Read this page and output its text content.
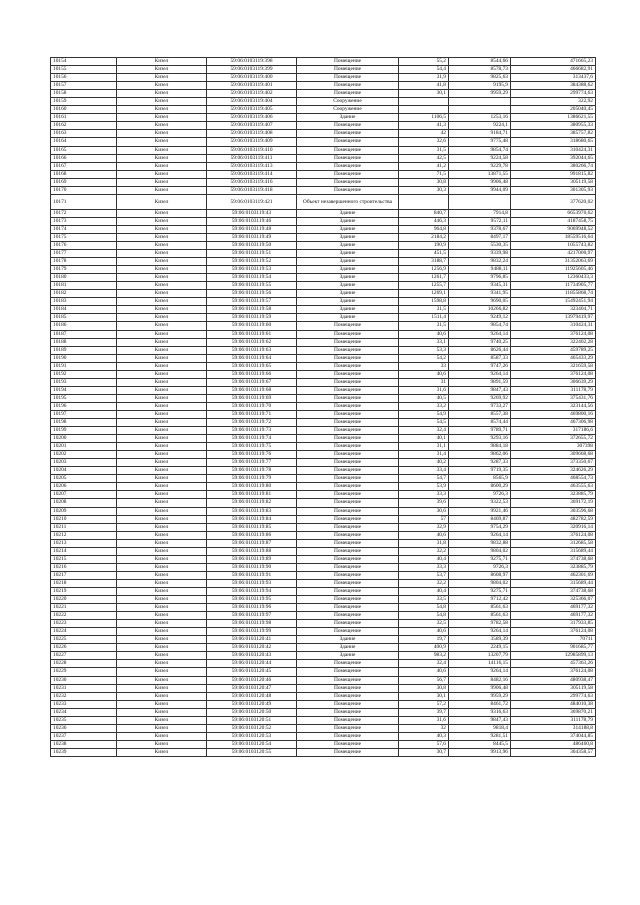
10154	Кизел	59:06:0103119:398	Помещение	55,2	8544,66	471665,23
10155	Кизел	59:06:0103119:399	Помещение	54,4	8578,73	466682,91
10156	Кизел	59:06:0103119:400	Помещение	31,9	9825,63	313437,6
10157	Кизел	59:06:0103119:401	Помещение	41,8	9195,9	384388,62
10158	Кизел	59:06:0103119:402	Помещение	30,1	9959,29	299774,63
10159	Кизел	59:06:0103119:404	Сооружение			322,92
10160	Кизел	59:06:0103119:405	Сооружение			205040,45
10161	Кизел	59:06:0103119:406	Здание	1106,5	1253,16	1386621,55
10162	Кизел	59:06:0103119:407	Помещение	41,3	9224,1	380955,33
10163	Кизел	59:06:0103119:408	Помещение	42	9184,71	385757,82
10164	Кизел	59:06:0103119:409	Помещение	32,6	9775,48	318680,65
10165	Кизел	59:06:0103119:410	Помещение	31,5	9854,74	310424,31
10166	Кизел	59:06:0103119:411	Помещение	42,5	9224,58	392044,65
10167	Кизел	59:06:0103119:413	Помещение	41,2	9229,78	380266,74
10168	Кизел	59:06:0103119:414	Помещение	71,5	13871,55	991815,82
10169	Кизел	59:06:0103119:416	Помещение	30,8	9906,48	305119,58
10170	Кизел	59:06:0103119:418	Помещение	30,3	9944,09	301305,93
10171	Кизел	59:06:0103119:421	Объект незавершенного строительства			377620,02
10172	Кизел	59:06:0103119:43	Здание	840,7	7914,8	6653970,62
10173	Кизел	59:06:0103119:46	Здание	446,3	9572,11	4187458,75
10174	Кизел	59:06:0103119:48	Здание	964,8	9378,67	9069948,52
10175	Кизел	59:06:0103119:49	Здание	2184,2	8497,17	18559516,64
10176	Кизел	59:06:0103119:50	Здание	190,9	5530,35	1055743,82
10177	Кизел	59:06:0103119:51	Здание	451,5	9339,98	4217000,97
10178	Кизел	59:06:0103119:52	Здание	3188,7	9832,24	31352063,69
10179	Кизел	59:06:0103119:53	Здание	1256,9	9488,11	11925605,46
10180	Кизел	59:06:0103119:54	Здание	1261,7	9796,85	12360433,3
10181	Кизел	59:06:0103119:55	Здание	1255,7	9345,31	11734905,77
10182	Кизел	59:06:0103119:56	Здание	1269,1	9341,95	11855868,74
10183	Кизел	59:06:0103119:57	Здание	1598,8	9690,05	15492451,94
10184	Кизел	59:06:0103119:58	Здание	31,5	10266,82	323404,71
10185	Кизел	59:06:0103119:59	Здание	1511,4	9249,12	13979419,97
10186	Кизел	59:06:0103119:60	Помещение	31,5	9854,74	310424,31
10187	Кизел	59:06:0103119:61	Помещение	40,6	9264,14	376124,08
10188	Кизел	59:06:0103119:62	Помещение	33,1	9740,25	322402,28
10189	Кизел	59:06:0103119:63	Помещение	53,3	8626,44	459789,25
10190	Кизел	59:06:0103119:64	Помещение	54,2	8587,33	465433,29
10191	Кизел	59:06:0103119:65	Помещение	33	9747,26	321659,58
10192	Кизел	59:06:0103119:66	Помещение	40,6	9264,14	376124,08
10193	Кизел	59:06:0103119:67	Помещение	31	9891,59	306639,29
10194	Кизел	59:06:0103119:68	Помещение	31,6	9847,43	311178,79
10195	Кизел	59:06:0103119:69	Помещение	40,5	9269,92	375431,76
10196	Кизел	59:06:0103119:70	Помещение	33,2	9733,27	323144,56
10197	Кизел	59:06:0103119:71	Помещение	54,9	8557,38	469800,16
10198	Кизел	59:06:0103119:72	Помещение	54,5	8574,44	467306,98
10199	Кизел	59:06:0103119:73	Помещение	32,4	9789,71	317186,6
10200	Кизел	59:06:0103119:74	Помещение	40,1	9293,16	372655,72
10201	Кизел	59:06:0103119:75	Помещение	31,1	9884,18	307398
10202	Кизел	59:06:0103119:76	Помещение	31,4	9862,06	309668,68
10203	Кизел	59:06:0103119:77	Помещение	40,2	9287,33	373350,67
10204	Кизел	59:06:0103119:78	Помещение	33,4	9719,35	324626,29
10205	Кизел	59:06:0103119:79	Помещение	54,7	8565,9	468554,73
10206	Кизел	59:06:0103119:80	Помещение	53,9	8600,29	463555,63
10207	Кизел	59:06:0103119:81	Помещение	33,3	9726,3	323885,79
10208	Кизел	59:06:0103119:82	Помещение	39,6	9322,53	369172,19
10209	Кизел	59:06:0103119:83	Помещение	30,6	9921,46	303596,68
10210	Кизел	59:06:0103119:84	Помещение	57	8469,87	482782,59
10211	Кизел	59:06:0103119:85	Помещение	32,9	9754,29	320916,14
10212	Кизел	59:06:0103119:86	Помещение	40,6	9264,14	376124,08
10213	Кизел	59:06:0103119:87	Помещение	31,8	9832,88	312685,58
10214	Кизел	59:06:0103119:88	Помещение	32,2	9804,02	315689,44
10215	Кизел	59:06:0103119:89	Помещение	40,4	9275,71	374738,68
10216	Кизел	59:06:0103119:90	Помещение	33,3	9726,3	323885,79
10217	Кизел	59:06:0103119:91	Помещение	53,7	8608,97	462301,69
10218	Кизел	59:06:0103119:93	Помещение	32,2	9804,02	315689,44
10219	Кизел	59:06:0103119:94	Помещение	40,4	9275,71	374738,68
10220	Кизел	59:06:0103119:95	Помещение	33,5	9712,42	325366,07
10221	Кизел	59:06:0103119:96	Помещение	54,8	8561,63	469177,32
10222	Кизел	59:06:0103119:97	Помещение	54,8	8561,63	469177,32
10223	Кизел	59:06:0103119:98	Помещение	32,5	9782,58	317933,85
10224	Кизел	59:06:0103119:99	Помещение	40,6	9264,14	376124,08
10225	Кизел	59:06:0103120:41	Здание	19,7	3589,39	70711
10226	Кизел	59:06:0103120:42	Здание	400,9	2249,15	901685,77
10227	Кизел	59:06:0103120:43	Здание	983,2	13207,79	12985899,13
10228	Кизел	59:06:0103120:44	Помещение	32,4	14116,15	457363,26
10229	Кизел	59:06:0103120:45	Помещение	40,6	9264,14	376124,08
10230	Кизел	59:06:0103120:46	Помещение	56,7	8482,16	480938,47
10231	Кизел	59:06:0103120:47	Помещение	30,8	9906,48	305119,58
10232	Кизел	59:06:0103120:48	Помещение	30,1	9959,29	299774,63
10233	Кизел	59:06:0103120:49	Помещение	57,2	8461,72	484010,38
10234	Кизел	59:06:0103120:50	Помещение	39,7	9316,63	369870,21
10235	Кизел	59:06:0103120:51	Помещение	31,6	9847,43	311178,79
10236	Кизел	59:06:0103120:52	Помещение	32	9818,4	314188,8
10237	Кизел	59:06:0103120:53	Помещение	40,3	9281,51	374044,85
10238	Кизел	59:06:0103120:54	Помещение	57,6	8445,5	486460,8
10239	Кизел	59:06:0103120:55	Помещение	30,7	9913,96	304358,57
